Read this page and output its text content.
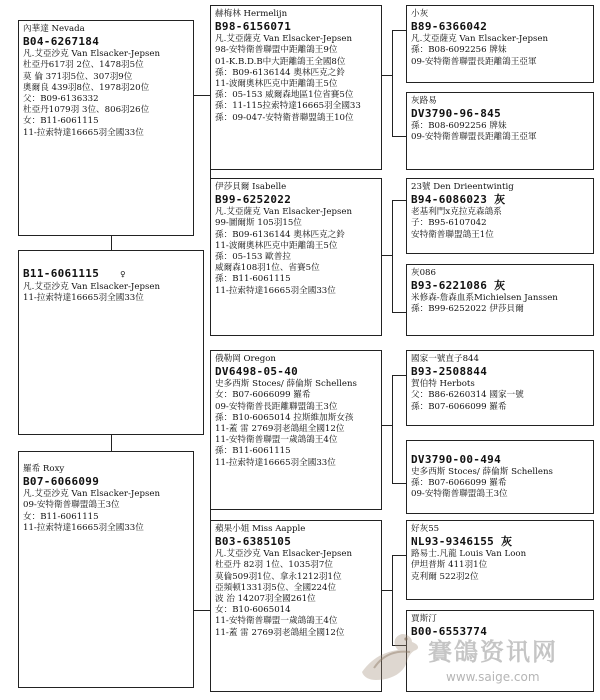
內華達 Nevada
B04-6267184
凡.艾亞沙克 Van Elsacker-Jepsen
杜亞丹617羽 2位、1478羽5位
莫 倫 371羽5位、307羽9位
奧爾良 439羽8位、1978羽20位
父：B09-6136332
杜亞丹1079羽 3位、806羽26位
女：B11-6061115
11-拉索特達16665羽全國33位
B11-6061115 ♀
凡.艾亞沙克 Van Elsacker-Jepsen
11-拉索特達16665羽全國33位
羅希 Roxy
B07-6066099
凡.艾亞沙克 Van Elsacker-Jepsen
09-安特衛普聯盟鴿王3位
女：B11-6061115
11-拉索特達16665羽全國33位
赫梅林 Hermelijn
B98-6156071
凡.艾亞薩克 Van Elsacker-Jepsen
98-安特衛普聯盟中距離鴿王9位
01-K.B.D.B中大距離鴿王全國8位
孫：B09-6136144 奧林匹克之鈴
11-波爾奧林匹克中距離鴿王5位
孫：05-153 威爾森地區1位省賽5位
孫：11-115拉索特達16665羽全國33
孫：09-047-安特衛普聯盟鴿王10位
伊莎貝爾 Isabelle
B99-6252022
凡.艾亞薩克 Van Elsacker-Jepsen
99-圖爾斯 105羽15位
孫：B09-6136144 奧林匹克之鈴
11-波爾奧林匹克中距離鴿王5位
孫：05-153 歐普拉
威爾森108羽1位、省賽5位
孫：B11-6061115
11-拉索特達16665羽全國33位
俄勒岡 Oregon
DV6498-05-40
史多西斯 Stoces/ 薛倫斯 Schellens
女：B07-6066099 羅希
09-安特衛普長距離聯盟鴿王3位
孫：B10-6065014 拉斯維加斯女孩
11-蓋 雷 2769羽老鴿組全國12位
11-安特衛普聯盟一歲鴿鴿王4位
孫：B11-6061115
11-拉索特達16665羽全國33位
蘋果小姐 Miss Aapple
B03-6385105
凡.艾亞沙克 Van Elsacker-Jepsen
杜亞丹 82羽 1位、1035羽7位
莫倫509羽1位、拿永1212羽1位
亞頻顿1331羽5位、全國224位
波 治 14207羽全國261位
女：B10-6065014
11-安特衛普聯盟一歲鴿鴿王4位
11-蓋 雷 2769羽老鴿組全國12位
小灰
B89-6366042
凡.艾亞薩克 Van Elsacker-Jepsen
孫：B08-6092256 牌妹
09-安特衛普聯盟長距離鴿王亞軍
灰路易
DV3790-96-845
孫：B08-6092256 牌妹
09-安特衛普聯盟長距離鴿王亞軍
23號 Den Drieentwintig
B94-6086023 灰
老基利門x克拉克森鴿系
子：B95-6107042
安特衛普聯盟鴿王1位
灰086
B93-6221086 灰
米修森-詹森血系Michielsen Janssen
孫：B99-6252022 伊莎貝爾
國家一號直子844
B93-2508844
賀伯特 Herbots
父：B86-6260314 國家一號
孫：B07-6066099 羅希
DV3790-00-494
史多西斯 Stoces/ 薛倫斯 Schellens
孫：B07-6066099 羅希
09-安特衛普聯盟鴿王3位
好灰55
NL93-9346155 灰
路易士.凡龍 Louis Van Loon
伊坦普斯 411羽1位
克利爾 522羽2位
賈斯汀
B00-6553774
賽鴿资讯网
www.saige.com
